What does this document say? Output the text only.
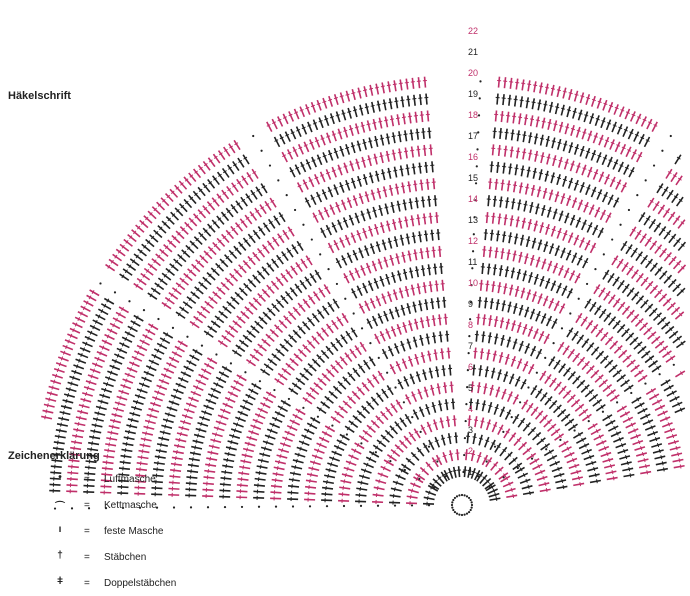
1
2
3
4
5
6
7
8
9
10
11
12
13
14
15
16
17
18
19
20
21
22
Häkelschrift
Zeichenerklärung
•	= Luftmasche
⌒	= Kettmasche
ı	= feste Masche
†	= Stäbchen
ǂ	= Doppelstäbchen
